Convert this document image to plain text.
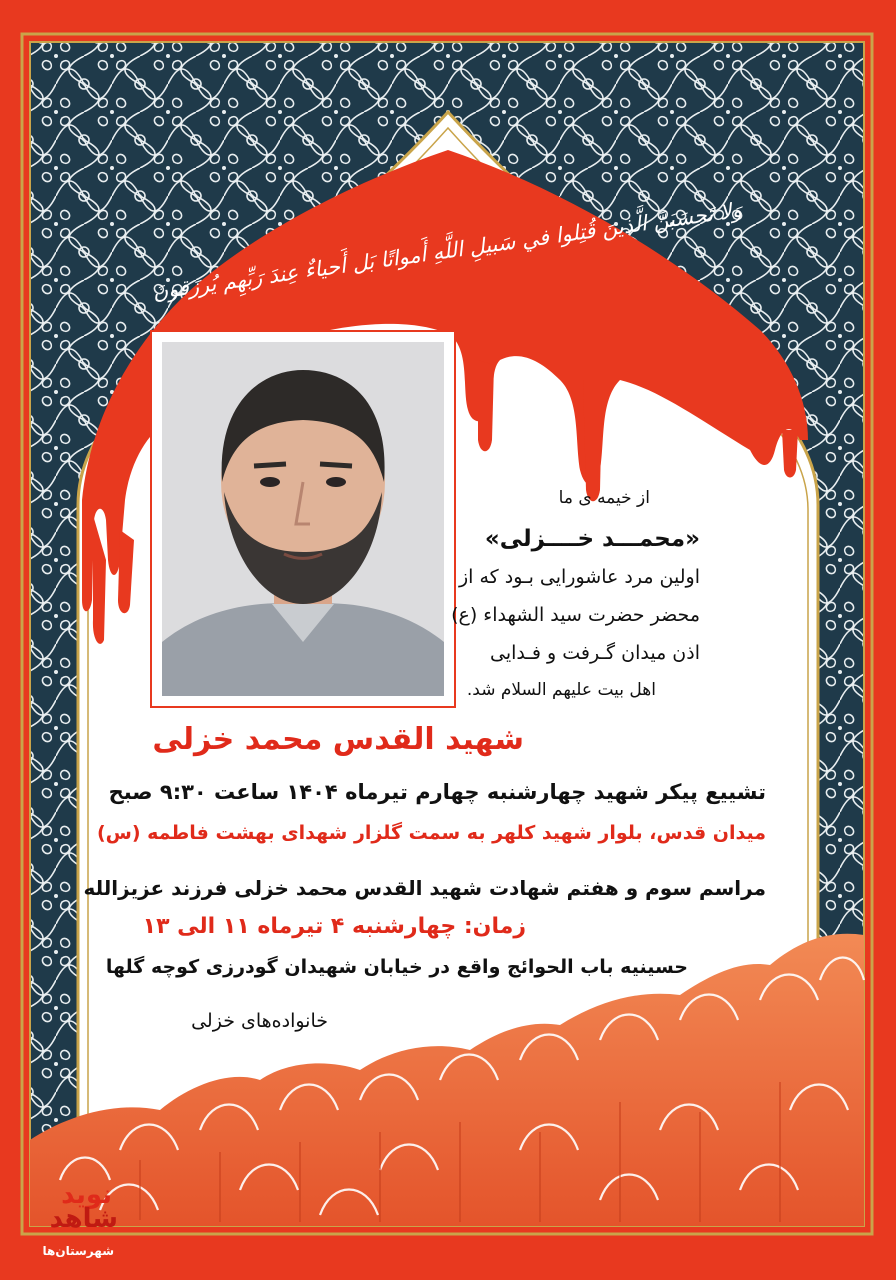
وَلا تَحسَبَنَّ الَّذينَ قُتِلوا في سَبيلِ اللَّهِ أَمواتًا بَل أَحياءٌ عِندَ رَبِّهِم يُرزَقونَ

از خیمه ی ما

«محمـــد خــــزلی»

اولین مرد عاشورایی بـود که از

محضر حضرت سید الشهداء (ع)

اذن میدان گـرفت و فـدایی

اهل بیت علیهم السلام شد.

شهید القدس محمد خزلی

تشییع پیکر شهید چهارشنبه چهارم تیرماه ۱۴۰۴ ساعت ۹:۳۰ صبح

میدان قدس، بلوار شهید کلهر به سمت گلزار شهدای بهشت فاطمه (س)

مراسم سوم و هفتم شهادت شهید القدس محمد خزلی فرزند عزیزالله

زمان: چهارشنبه ۴ تیرماه ۱۱ الی ۱۳

حسینیه باب الحوائج واقع در خیابان شهیدان گودرزی کوچه گلها

خانواده‌های خزلی

نوید
شاهد
شهرستان‌ها
